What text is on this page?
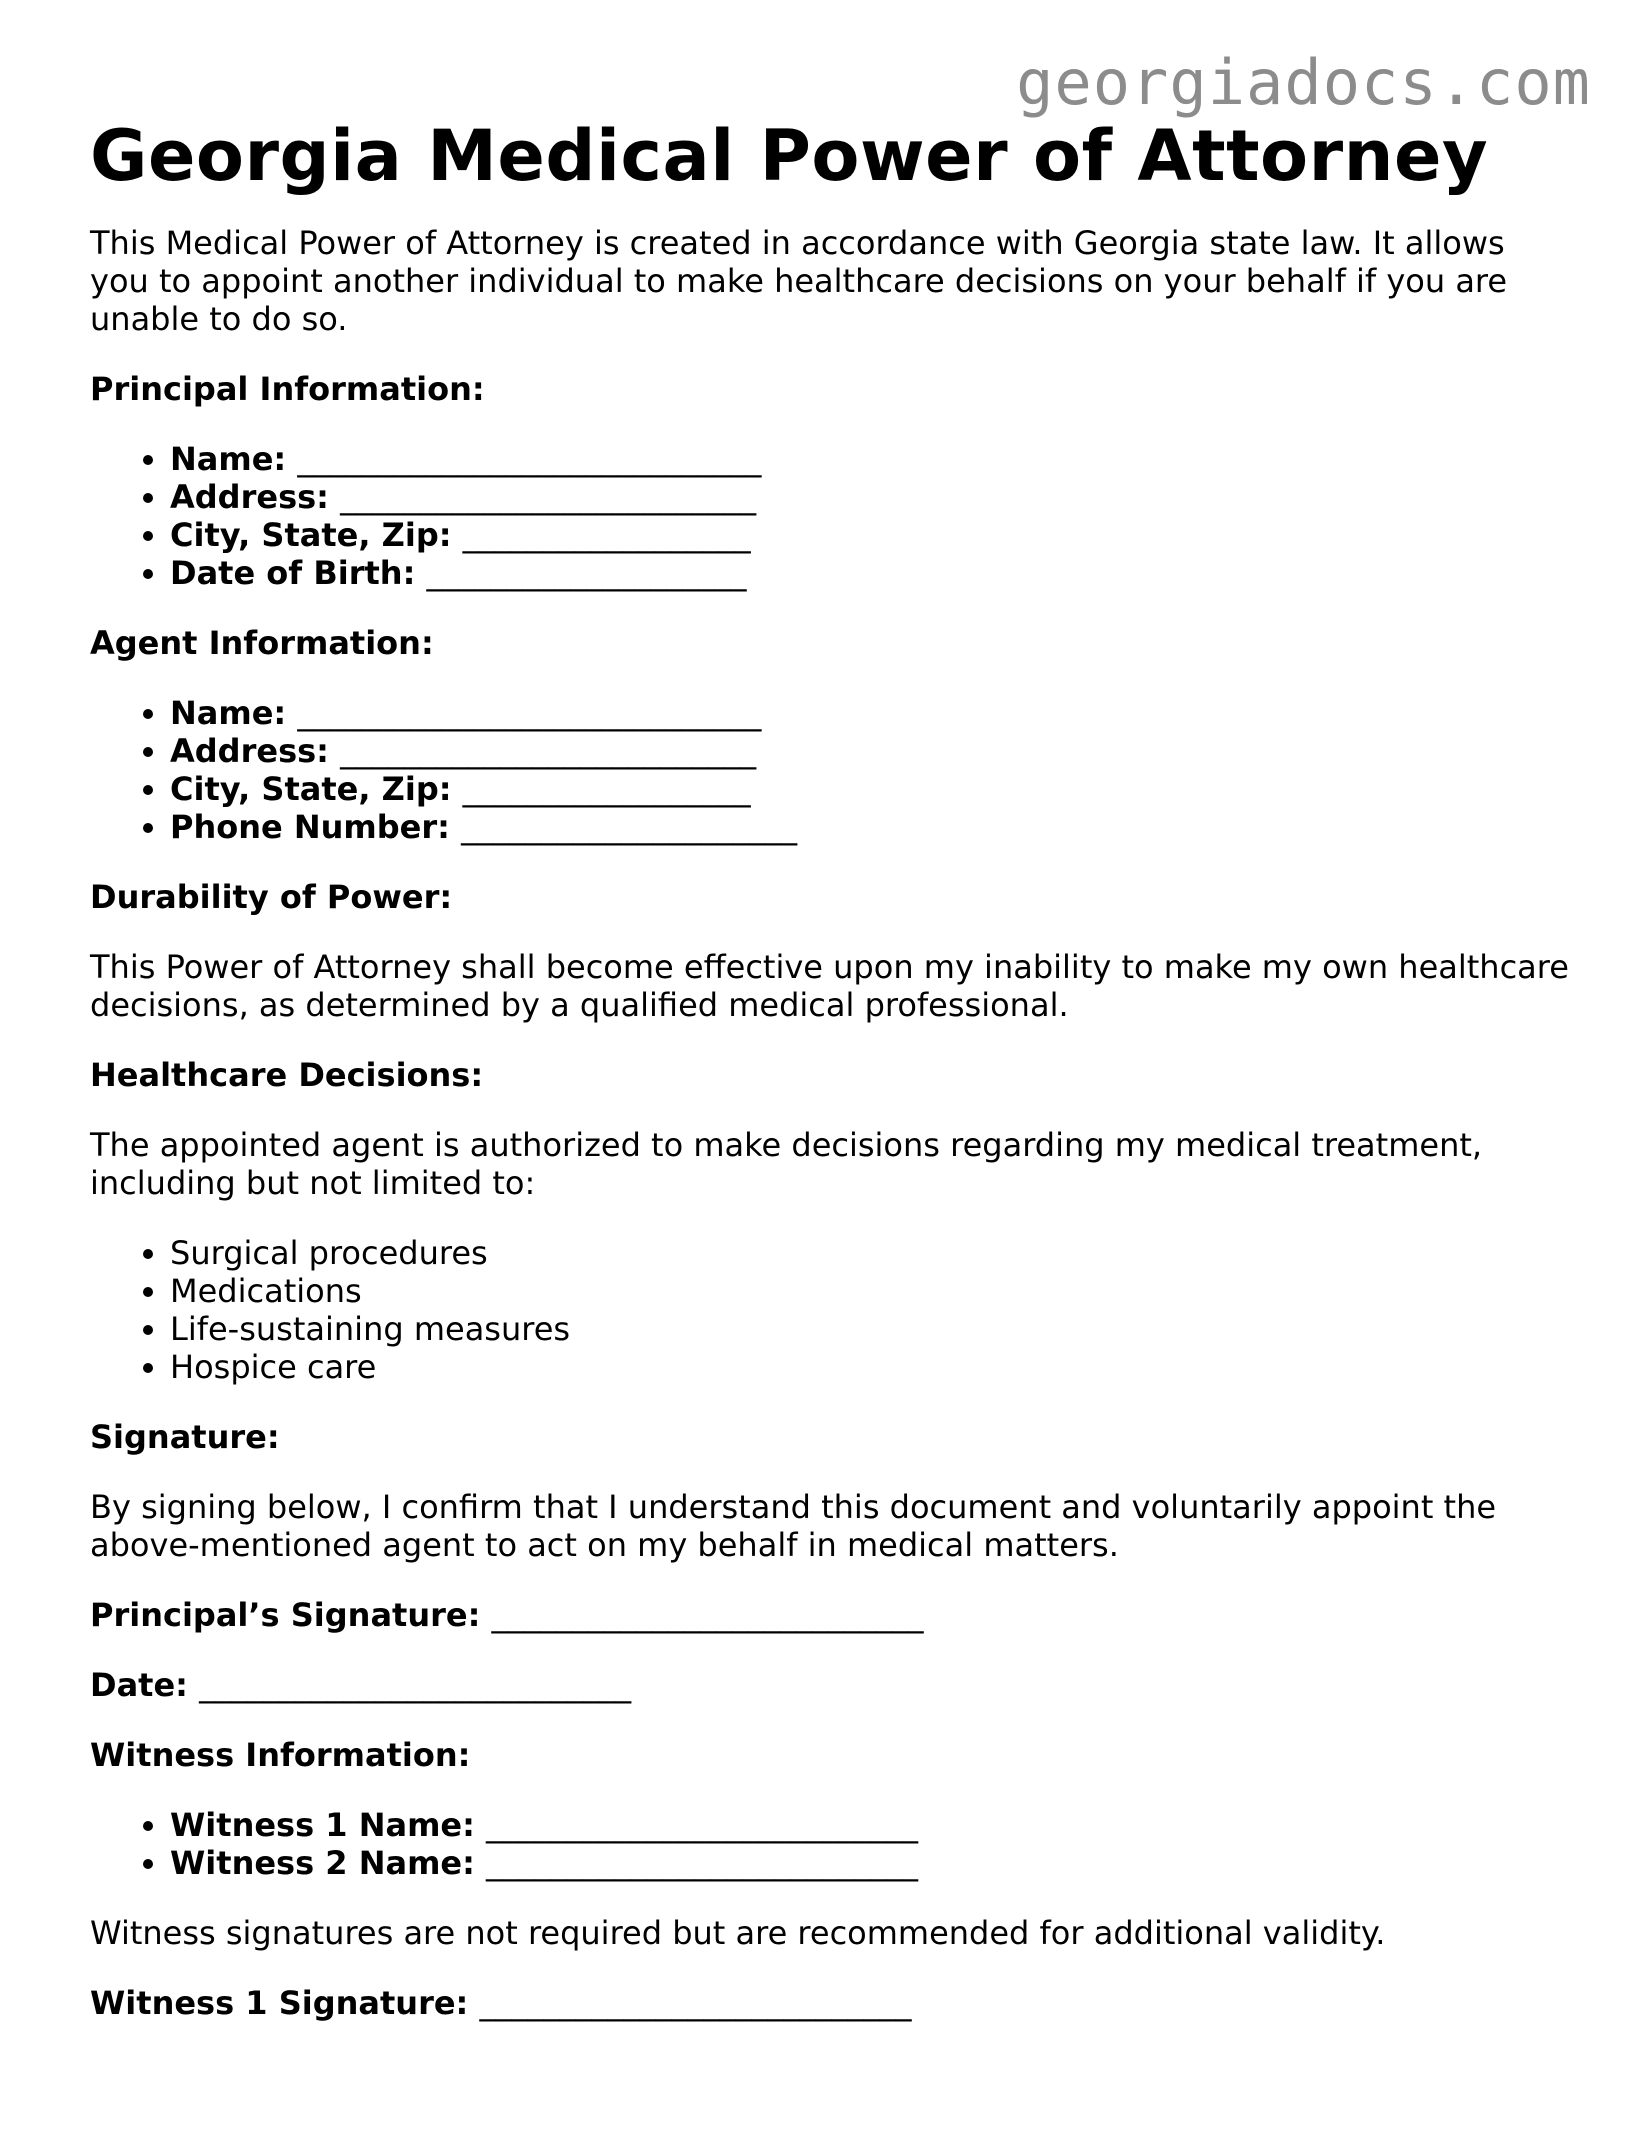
georgiadocs.com
Georgia Medical Power of Attorney

This Medical Power of Attorney is created in accordance with Georgia state law. It allows you to appoint another individual to make healthcare decisions on your behalf if you are unable to do so.

Principal Information:
• Name: _____________________________
• Address: __________________________
• City, State, Zip: __________________
• Date of Birth: ____________________
Agent Information:
• Name: _____________________________
• Address: __________________________
• City, State, Zip: __________________
• Phone Number: _____________________
Durability of Power:

This Power of Attorney shall become effective upon my inability to make my own healthcare decisions, as determined by a qualified medical professional.

Healthcare Decisions:

The appointed agent is authorized to make decisions regarding my medical treatment, including but not limited to:

• Surgical procedures
• Medications
• Life-sustaining measures
• Hospice care
Signature:

By signing below, I confirm that I understand this document and voluntarily appoint the above-mentioned agent to act on my behalf in medical matters.

Principal’s Signature: ___________________________

Date: ___________________________

Witness Information:
• Witness 1 Name: ___________________________
• Witness 2 Name: ___________________________

Witness signatures are not required but are recommended for additional validity.

Witness 1 Signature: ___________________________
